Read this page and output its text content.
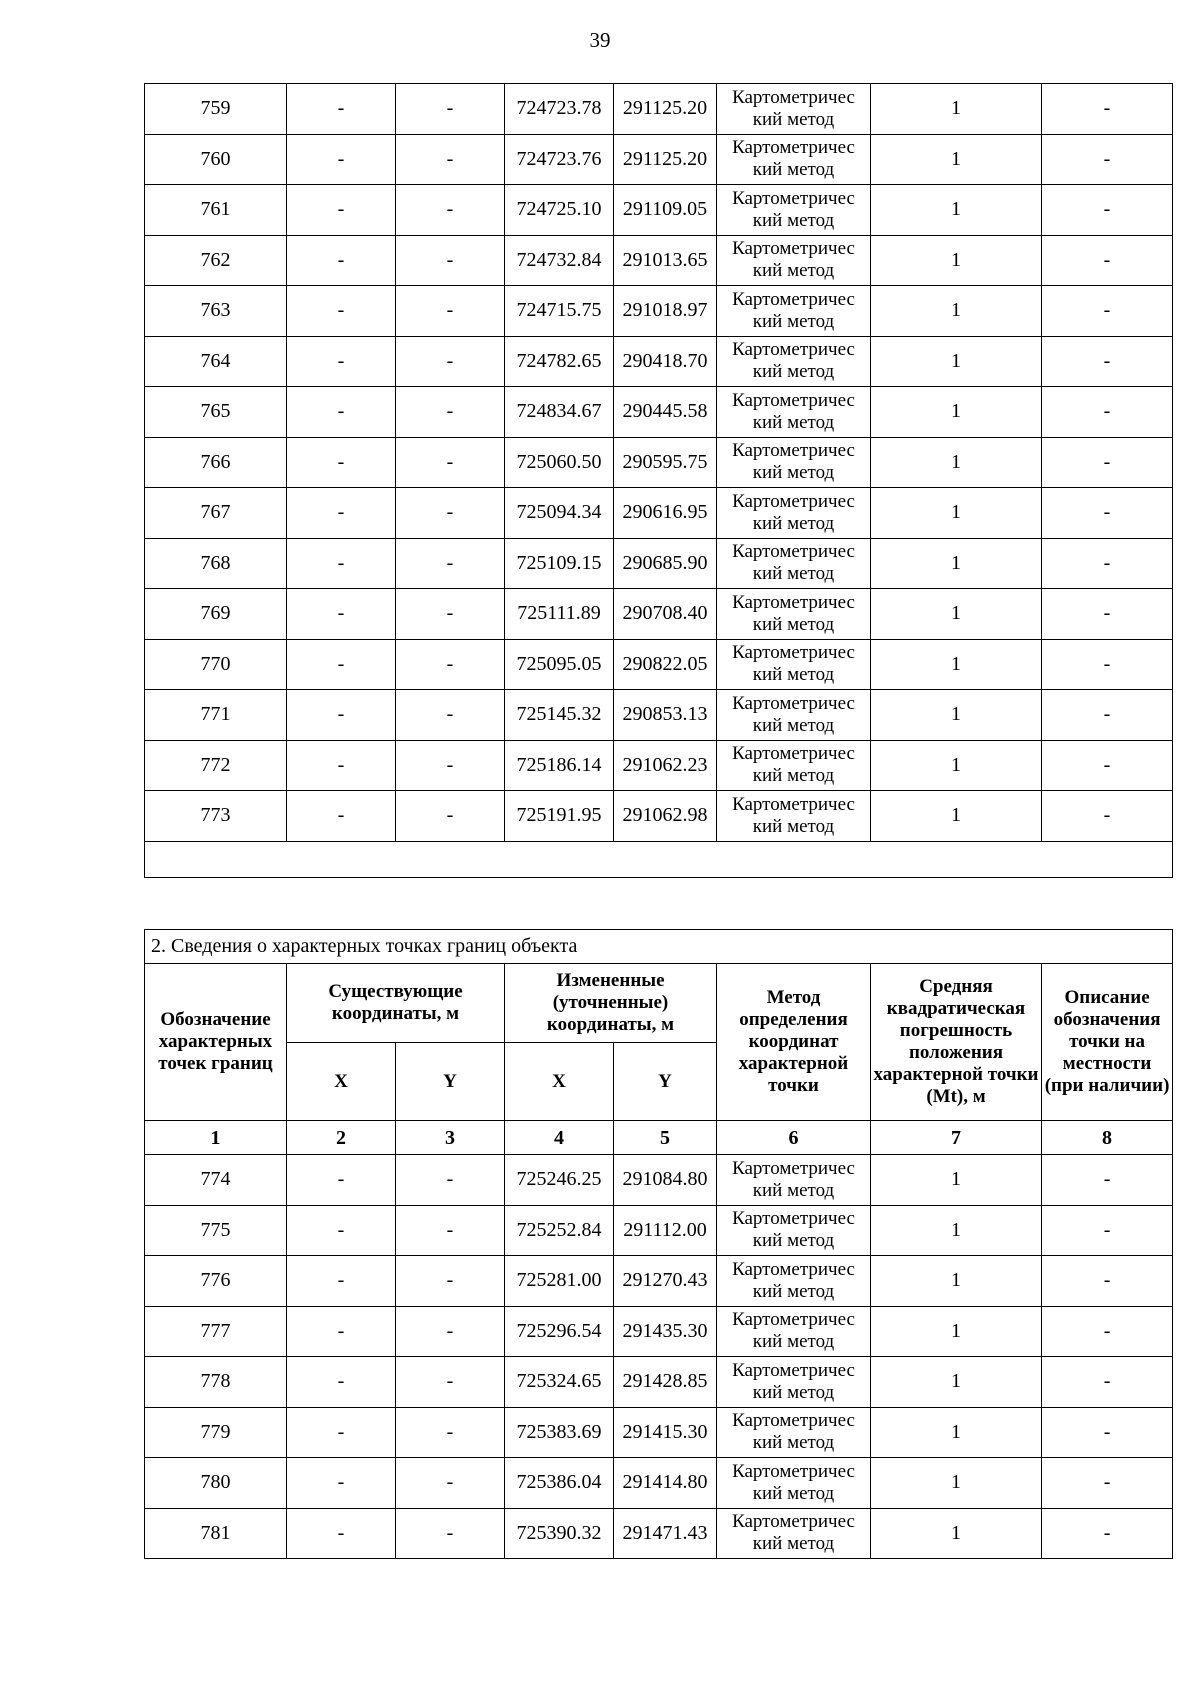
39
759	-	-	724723.78	291125.20	Картометричес кий метод	1	-
760	-	-	724723.76	291125.20	Картометричес кий метод	1	-
761	-	-	724725.10	291109.05	Картометричес кий метод	1	-
762	-	-	724732.84	291013.65	Картометричес кий метод	1	-
763	-	-	724715.75	291018.97	Картометричес кий метод	1	-
764	-	-	724782.65	290418.70	Картометричес кий метод	1	-
765	-	-	724834.67	290445.58	Картометричес кий метод	1	-
766	-	-	725060.50	290595.75	Картометричес кий метод	1	-
767	-	-	725094.34	290616.95	Картометричес кий метод	1	-
768	-	-	725109.15	290685.90	Картометричес кий метод	1	-
769	-	-	725111.89	290708.40	Картометричес кий метод	1	-
770	-	-	725095.05	290822.05	Картометричес кий метод	1	-
771	-	-	725145.32	290853.13	Картометричес кий метод	1	-
772	-	-	725186.14	291062.23	Картометричес кий метод	1	-
773	-	-	725191.95	291062.98	Картометричес кий метод	1	-

2. Сведения о характерных точках границ объекта							
Обозначение характерных точек границ	Существующие координаты, м		Измененные (уточненные) координаты, м		Метод определения координат характерной точки	Средняя квадратическая погрешность положения характерной точки (Mt), м	Описание обозначения точки на местности (при наличии)
	X	Y	X	Y			
1	2	3	4	5	6	7	8
774	-	-	725246.25	291084.80	Картометричес кий метод	1	-
775	-	-	725252.84	291112.00	Картометричес кий метод	1	-
776	-	-	725281.00	291270.43	Картометричес кий метод	1	-
777	-	-	725296.54	291435.30	Картометричес кий метод	1	-
778	-	-	725324.65	291428.85	Картометричес кий метод	1	-
779	-	-	725383.69	291415.30	Картометричес кий метод	1	-
780	-	-	725386.04	291414.80	Картометричес кий метод	1	-
781	-	-	725390.32	291471.43	Картометричес кий метод	1	-
